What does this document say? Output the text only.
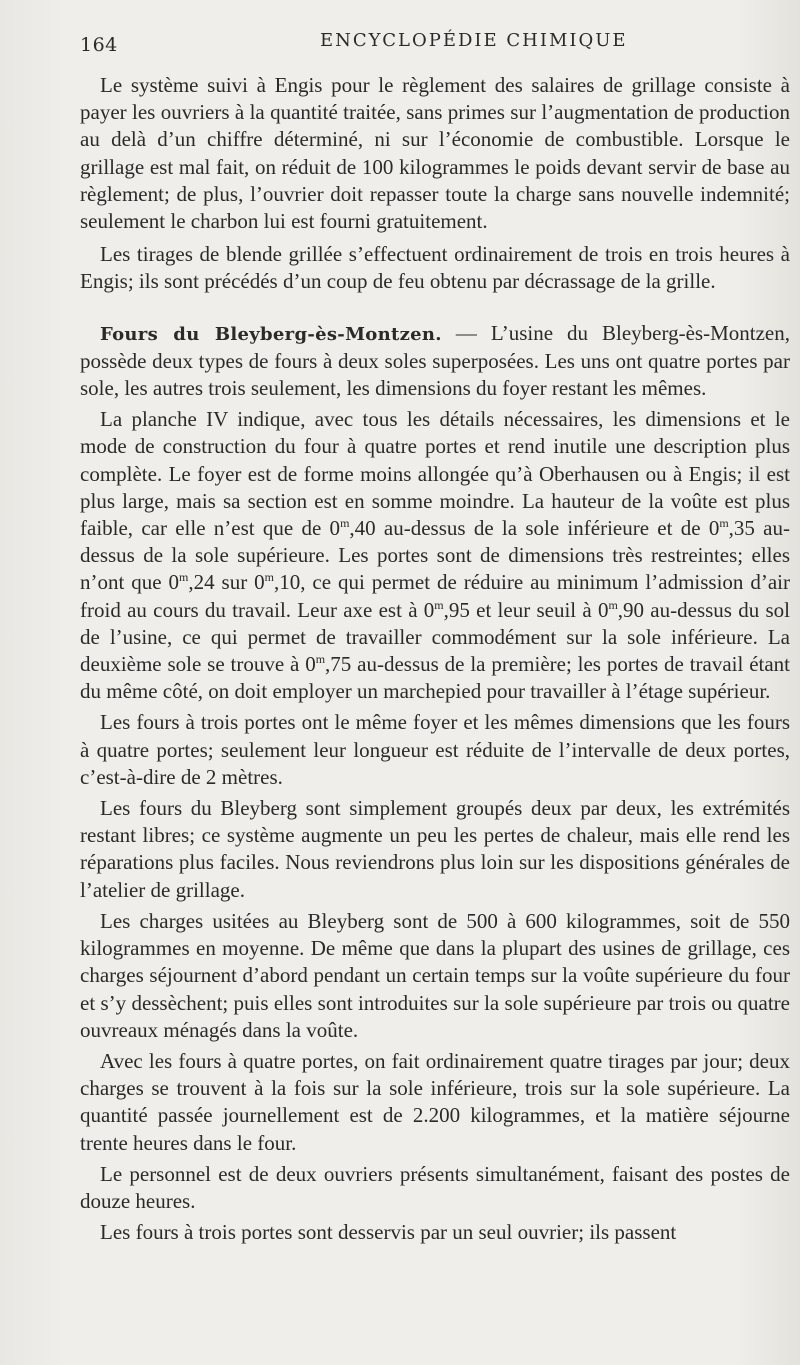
164	ENCYCLOPÉDIE CHIMIQUE

Le système suivi à Engis pour le règlement des salaires de grillage consiste à payer les ouvriers à la quantité traitée, sans primes sur l’augmentation de production au delà d’un chiffre déterminé, ni sur l’économie de combustible. Lorsque le grillage est mal fait, on réduit de 100 kilogrammes le poids devant servir de base au règlement; de plus, l’ouvrier doit repasser toute la charge sans nouvelle indemnité; seulement le charbon lui est fourni gratuitement.

Les tirages de blende grillée s’effectuent ordinairement de trois en trois heures à Engis; ils sont précédés d’un coup de feu obtenu par décrassage de la grille.

Fours du Bleyberg-ès-Montzen. — L’usine du Bleyberg-ès-Montzen, possède deux types de fours à deux soles superposées. Les uns ont quatre portes par sole, les autres trois seulement, les dimensions du foyer restant les mêmes.

La planche IV indique, avec tous les détails nécessaires, les dimensions et le mode de construction du four à quatre portes et rend inutile une description plus complète. Le foyer est de forme moins allongée qu’à Oberhausen ou à Engis; il est plus large, mais sa section est en somme moindre. La hauteur de la voûte est plus faible, car elle n’est que de 0$^m$,40 au-dessus de la sole inférieure et de 0$^m$,35 au-dessus de la sole supérieure. Les portes sont de dimensions très restreintes; elles n’ont que 0$^m$,24 sur 0$^m$,10, ce qui permet de réduire au minimum l’admission d’air froid au cours du travail. Leur axe est à 0$^m$,95 et leur seuil à 0$^m$,90 au-dessus du sol de l’usine, ce qui permet de travailler commodément sur la sole inférieure. La deuxième sole se trouve à 0$^m$,75 au-dessus de la première; les portes de travail étant du même côté, on doit employer un marchepied pour travailler à l’étage supérieur.

Les fours à trois portes ont le même foyer et les mêmes dimensions que les fours à quatre portes; seulement leur longueur est réduite de l’intervalle de deux portes, c’est-à-dire de 2 mètres.

Les fours du Bleyberg sont simplement groupés deux par deux, les extrémités restant libres; ce système augmente un peu les pertes de chaleur, mais elle rend les réparations plus faciles. Nous reviendrons plus loin sur les dispositions générales de l’atelier de grillage.

Les charges usitées au Bleyberg sont de 500 à 600 kilogrammes, soit de 550 kilogrammes en moyenne. De même que dans la plupart des usines de grillage, ces charges séjournent d’abord pendant un certain temps sur la voûte supérieure du four et s’y dessèchent; puis elles sont introduites sur la sole supérieure par trois ou quatre ouvreaux ménagés dans la voûte.

Avec les fours à quatre portes, on fait ordinairement quatre tirages par jour; deux charges se trouvent à la fois sur la sole inférieure, trois sur la sole supérieure. La quantité passée journellement est de 2.200 kilogrammes, et la matière séjourne trente heures dans le four.

Le personnel est de deux ouvriers présents simultanément, faisant des postes de douze heures.

Les fours à trois portes sont desservis par un seul ouvrier; ils passent
